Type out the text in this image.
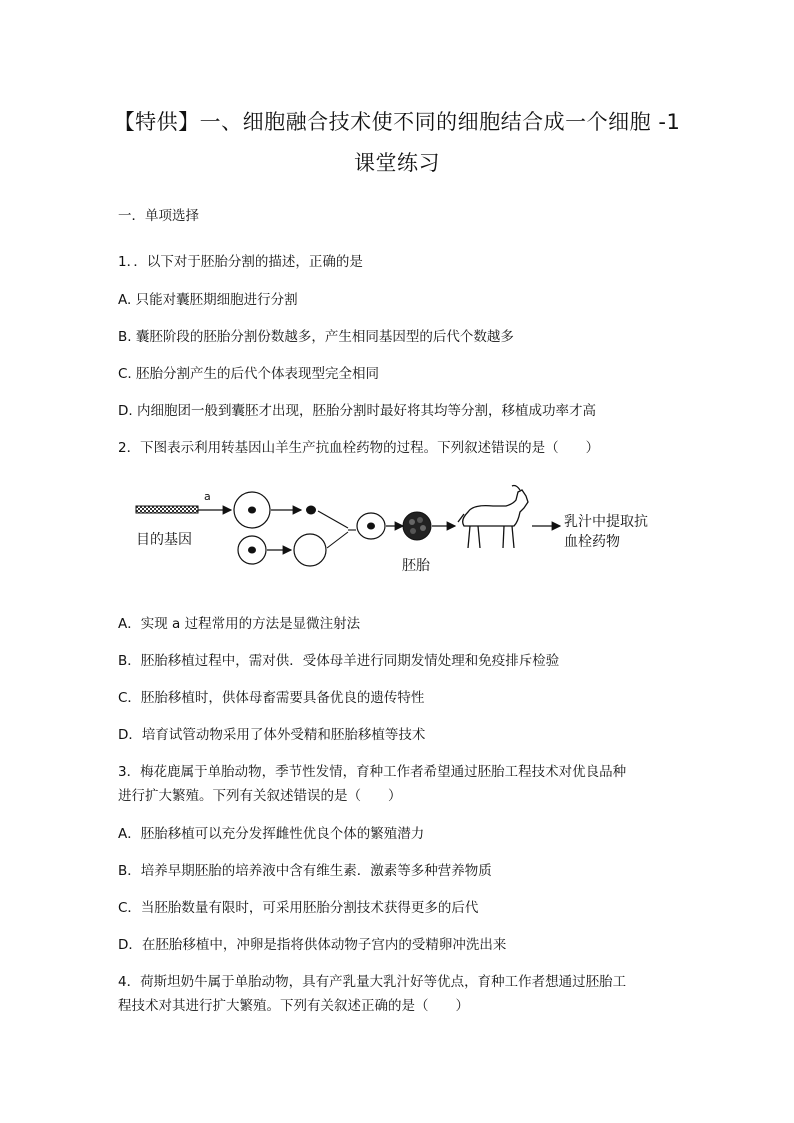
【特供】一、细胞融合技术使不同的细胞结合成一个细胞 -1
课堂练习
一．单项选择
1．．以下对于胚胎分割的描述，正确的是
A. 只能对囊胚期细胞进行分割
B. 囊胚阶段的胚胎分割份数越多，产生相同基因型的后代个数越多
C. 胚胎分割产生的后代个体表现型完全相同
D. 内细胞团一般到囊胚才出现，胚胎分割时最好将其均等分割，移植成功率才高
2．下图表示利用转基因山羊生产抗血栓药物的过程。下列叙述错误的是（　　）
a
目的基因
胚胎
乳汁中提取抗
血栓药物
A．实现 a 过程常用的方法是显微注射法
B．胚胎移植过程中，需对供．受体母羊进行同期发情处理和免疫排斥检验
C．胚胎移植时，供体母畜需要具备优良的遗传特性
D．培育试管动物采用了体外受精和胚胎移植等技术
3．梅花鹿属于单胎动物，季节性发情，育种工作者希望通过胚胎工程技术对优良品种
进行扩大繁殖。下列有关叙述错误的是（　　）
A．胚胎移植可以充分发挥雌性优良个体的繁殖潜力
B．培养早期胚胎的培养液中含有维生素．激素等多种营养物质
C．当胚胎数量有限时，可采用胚胎分割技术获得更多的后代
D．在胚胎移植中，冲卵是指将供体动物子宫内的受精卵冲洗出来
4．荷斯坦奶牛属于单胎动物，具有产乳量大乳汁好等优点，育种工作者想通过胚胎工
程技术对其进行扩大繁殖。下列有关叙述正确的是（　　）
